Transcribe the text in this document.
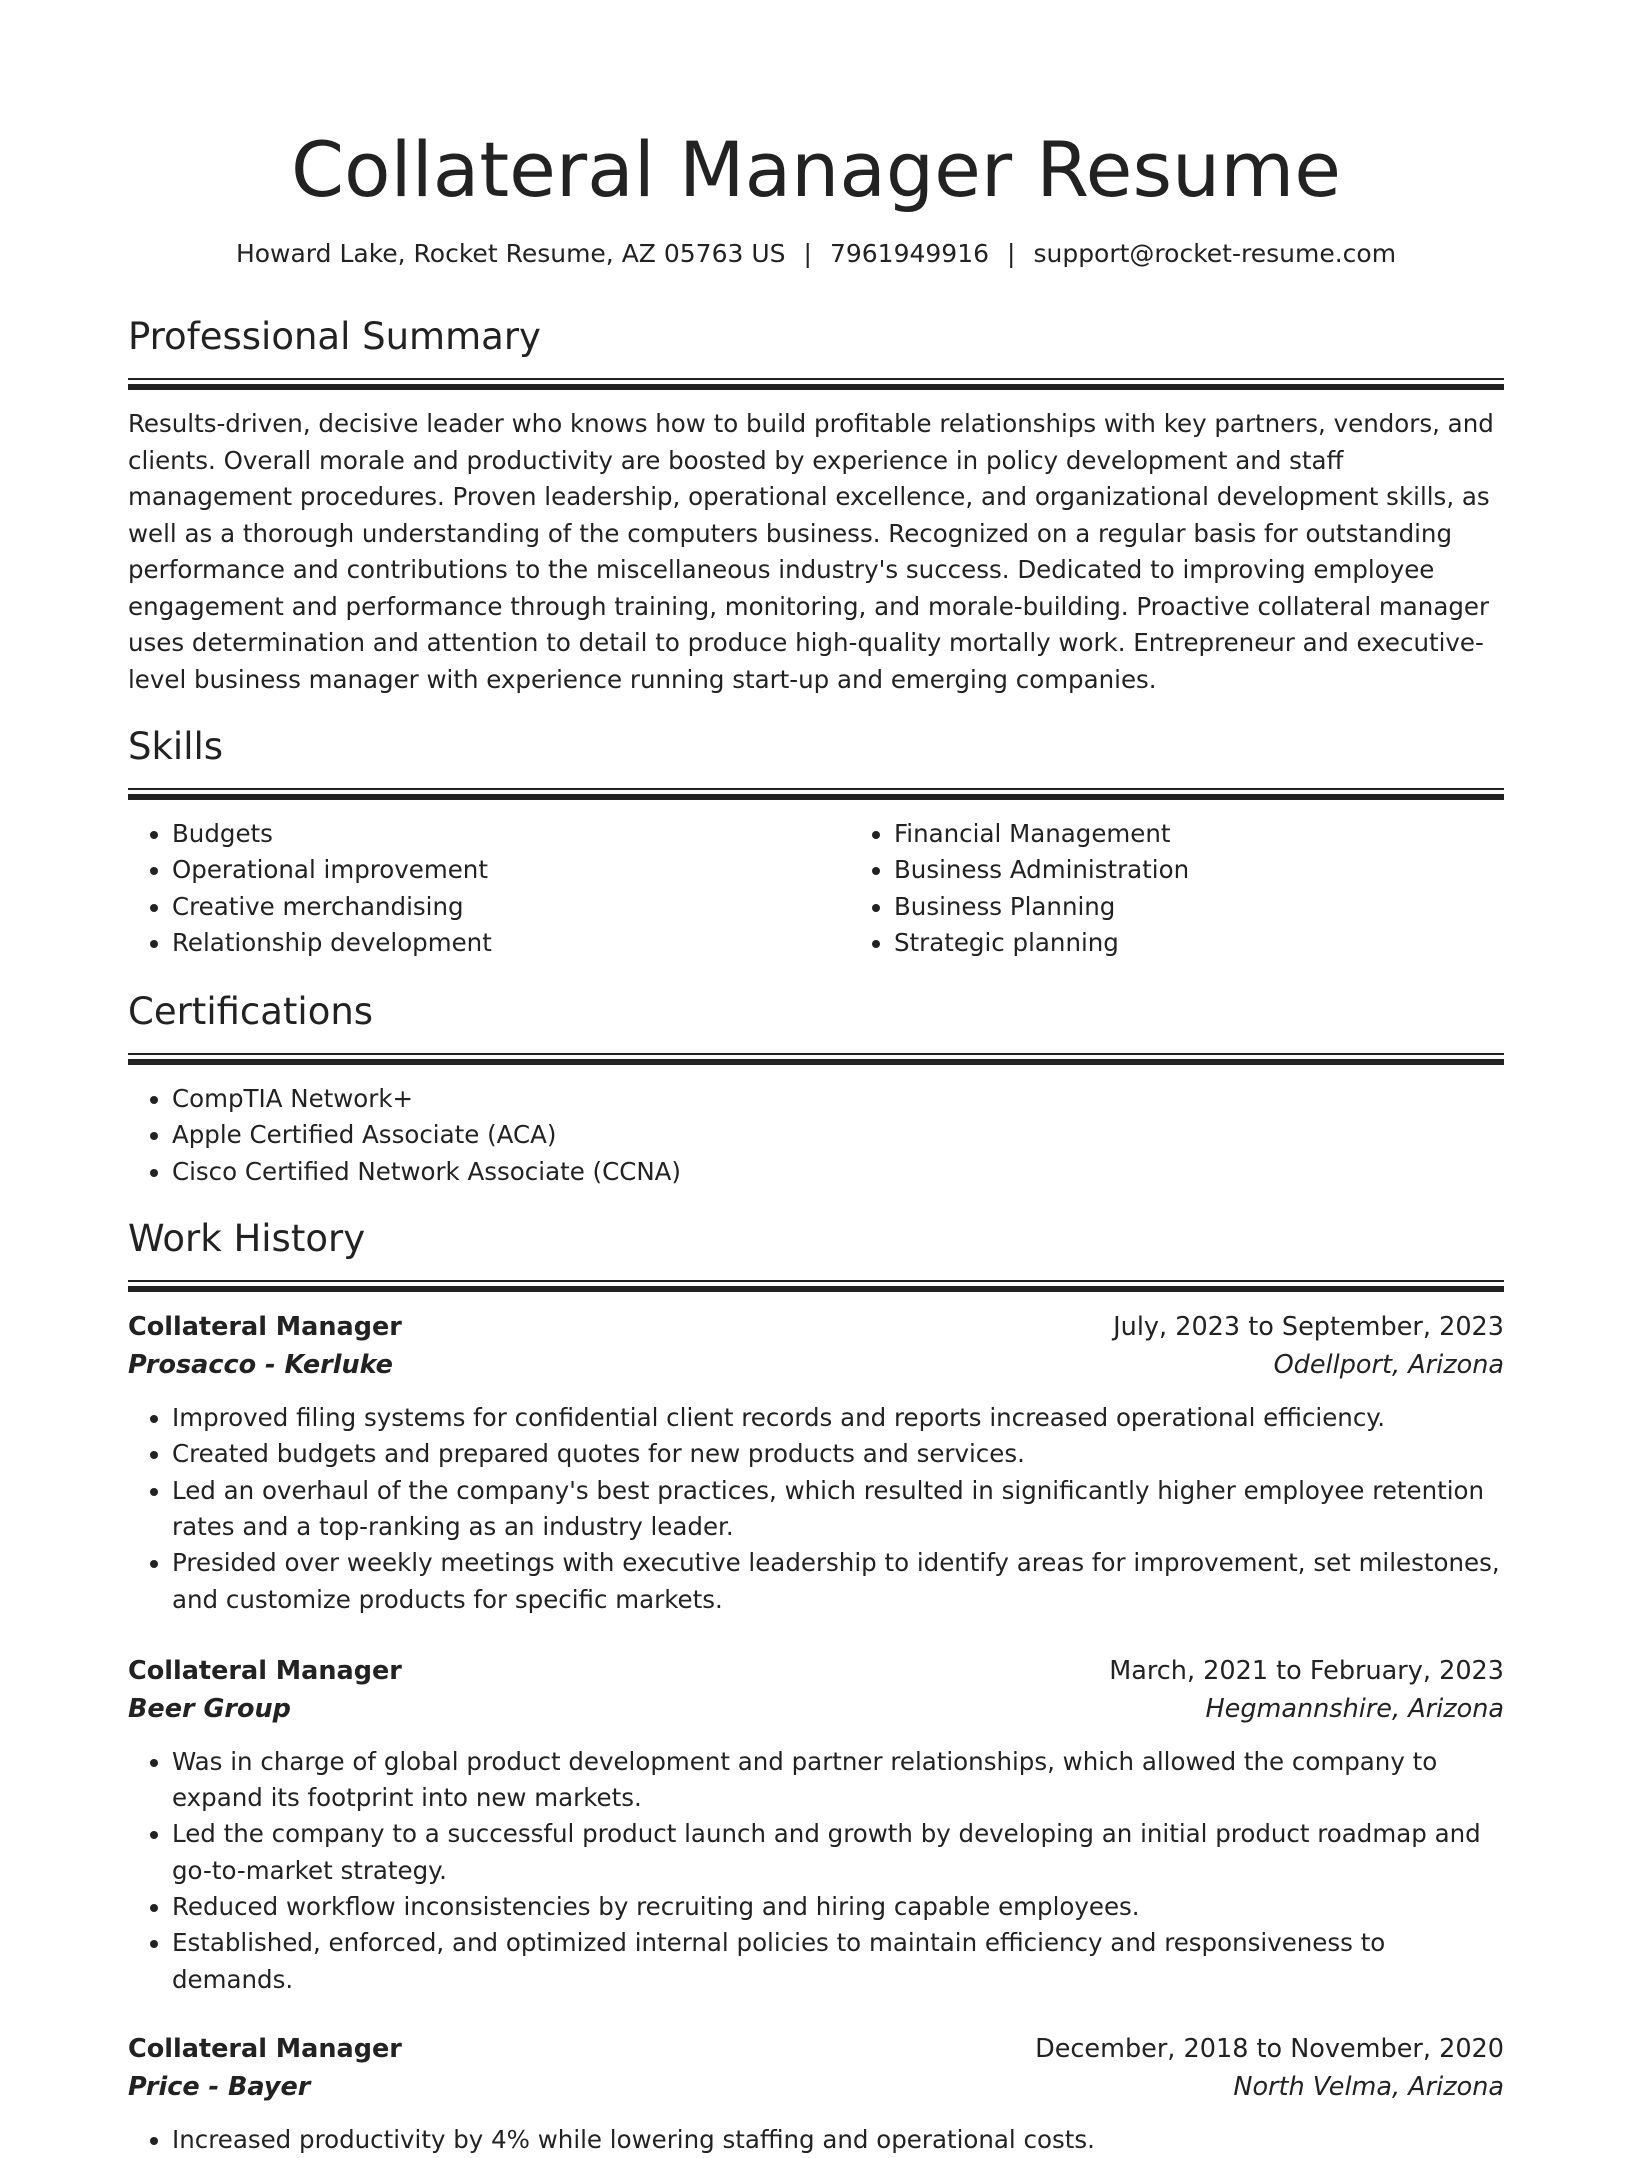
Collateral Manager Resume
Howard Lake, Rocket Resume, AZ 05763 US | 7961949916 | support@rocket-resume.com
Professional Summary

Results-driven, decisive leader who knows how to build profitable relationships with key partners, vendors, and clients. Overall morale and productivity are boosted by experience in policy development and staff management procedures. Proven leadership, operational excellence, and organizational development skills, as well as a thorough understanding of the computers business. Recognized on a regular basis for outstanding performance and contributions to the miscellaneous industry's success. Dedicated to improving employee engagement and performance through training, monitoring, and morale-building. Proactive collateral manager uses determination and attention to detail to produce high-quality mortally work. Entrepreneur and executive-level business manager with experience running start-up and emerging companies.

Skills
• Budgets
• Operational improvement
• Creative merchandising
• Relationship development
• Financial Management
• Business Administration
• Business Planning
• Strategic planning
Certifications
• CompTIA Network+
• Apple Certified Associate (ACA)
• Cisco Certified Network Associate (CCNA)
Work History
Collateral Manager	July, 2023 to September, 2023
Prosacco - Kerluke	Odellport, Arizona
• Improved filing systems for confidential client records and reports increased operational efficiency.
• Created budgets and prepared quotes for new products and services.
• Led an overhaul of the company's best practices, which resulted in significantly higher employee retention rates and a top-ranking as an industry leader.
• Presided over weekly meetings with executive leadership to identify areas for improvement, set milestones, and customize products for specific markets.
Collateral Manager	March, 2021 to February, 2023
Beer Group	Hegmannshire, Arizona
• Was in charge of global product development and partner relationships, which allowed the company to expand its footprint into new markets.
• Led the company to a successful product launch and growth by developing an initial product roadmap and go-to-market strategy.
• Reduced workflow inconsistencies by recruiting and hiring capable employees.
• Established, enforced, and optimized internal policies to maintain efficiency and responsiveness to demands.
Collateral Manager	December, 2018 to November, 2020
Price - Bayer	North Velma, Arizona
• Increased productivity by 4% while lowering staffing and operational costs.
